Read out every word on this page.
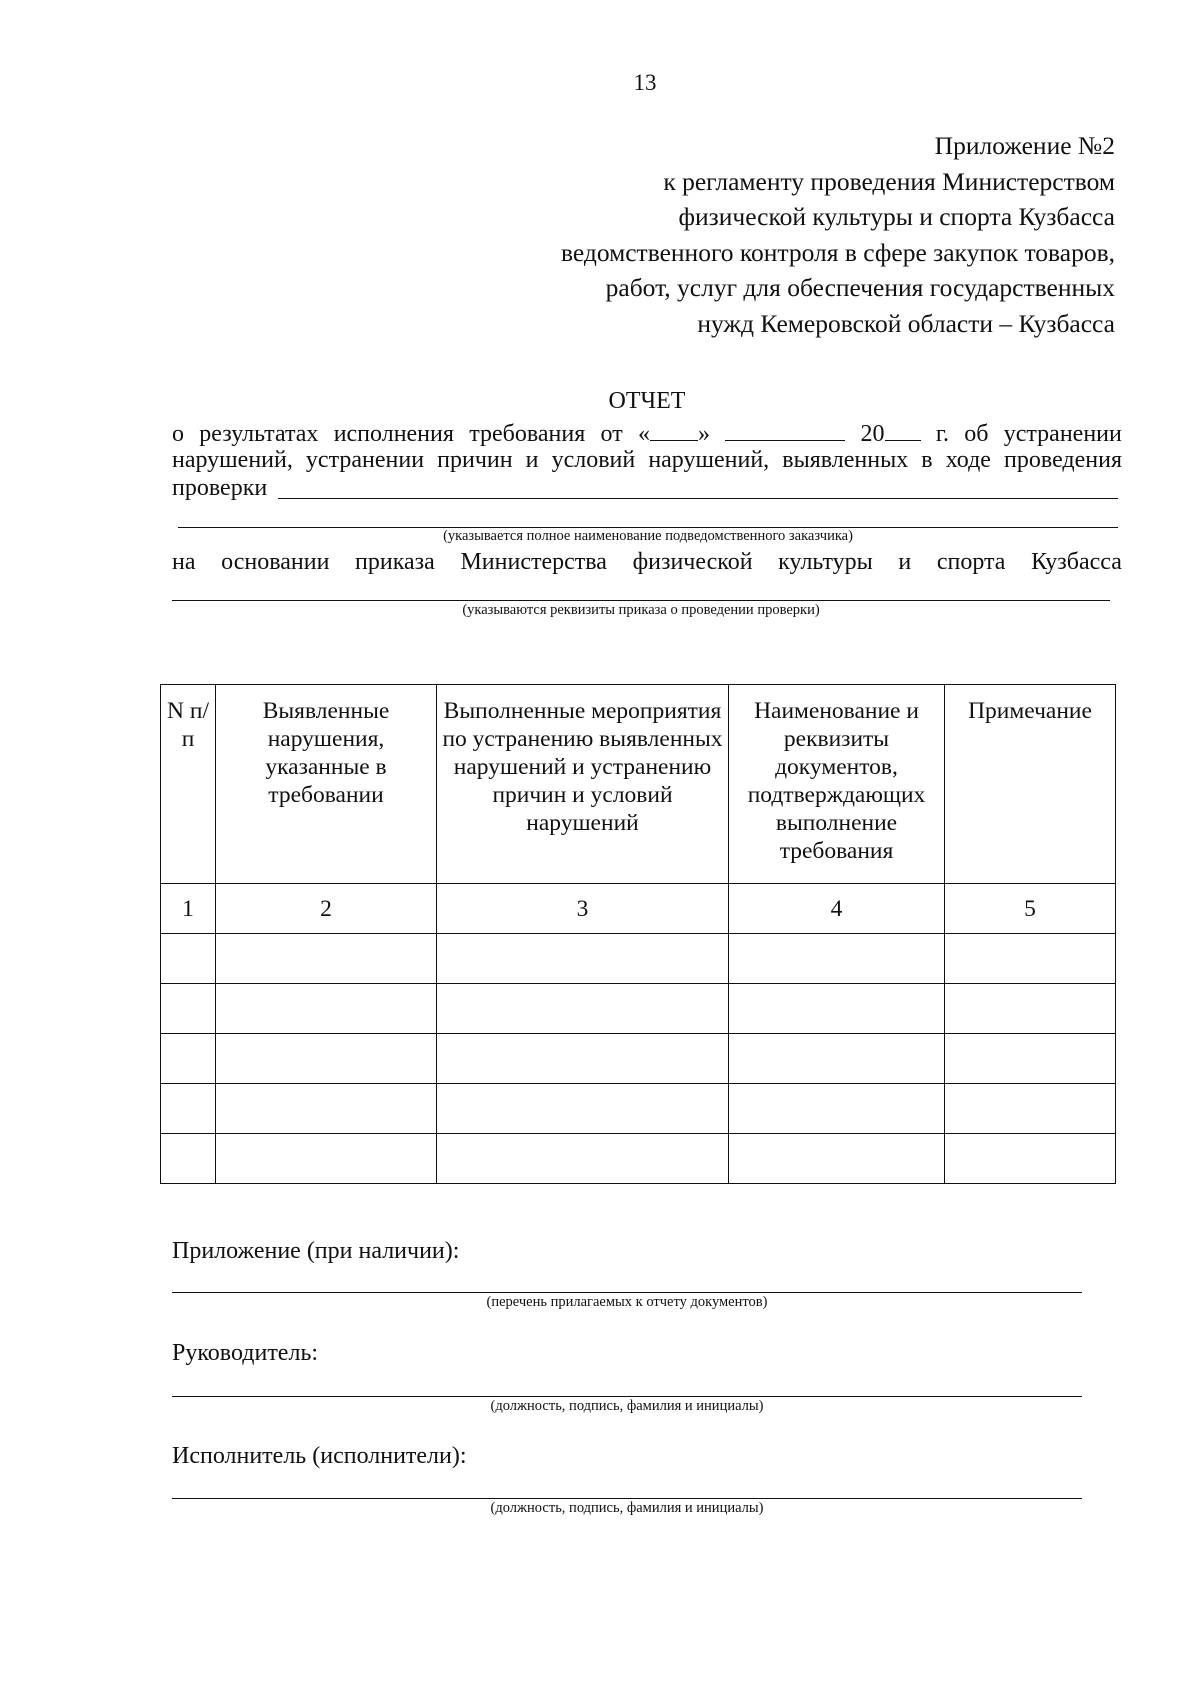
13
Приложение №2
к регламенту проведения Министерством
физической культуры и спорта Кузбасса
ведомственного контроля в сфере закупок товаров,
работ, услуг для обеспечения государственных
нужд Кемеровской области – Кузбасса
ОТЧЕТ
о результатах исполнения требования от « »	20	г. об устранении
нарушений, устранении причин и условий нарушений, выявленных в ходе проведения
проверки
(указывается полное наименование подведомственного заказчика)
на основании приказа Министерства физической культуры и спорта Кузбасса
(указываются реквизиты приказа о проведении проверки)
N п/п	Выявленные нарушения, указанные в требовании	Выполненные мероприятия по устранению выявленных нарушений и устранению причин и условий нарушений	Наименование и реквизиты документов, подтверждающих выполнение требования	Примечание
1	2	3	4	5

Приложение (при наличии):
(перечень прилагаемых к отчету документов)
Руководитель:
(должность, подпись, фамилия и инициалы)
Исполнитель (исполнители):
(должность, подпись, фамилия и инициалы)
